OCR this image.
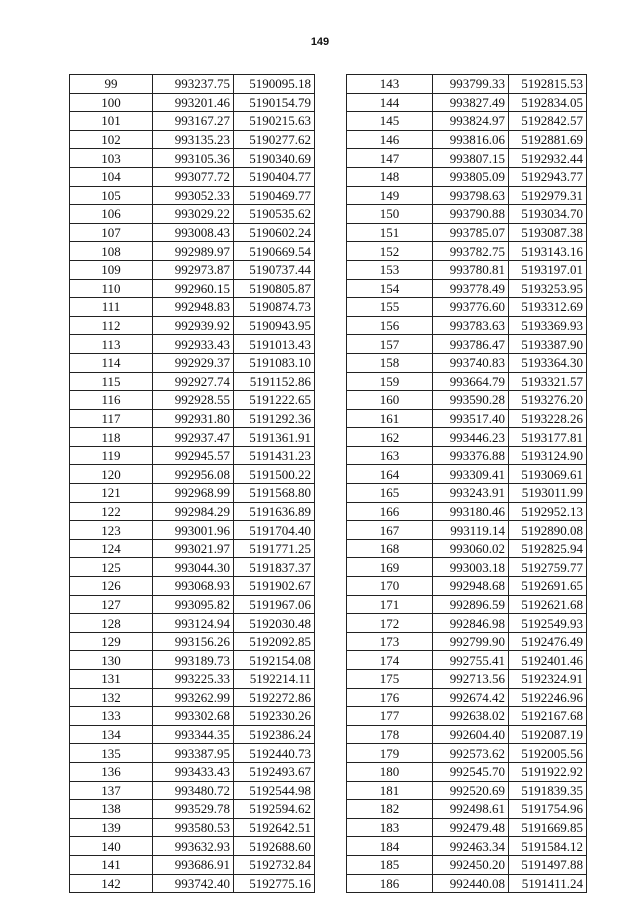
149
99	993237.75	5190095.18
100	993201.46	5190154.79
101	993167.27	5190215.63
102	993135.23	5190277.62
103	993105.36	5190340.69
104	993077.72	5190404.77
105	993052.33	5190469.77
106	993029.22	5190535.62
107	993008.43	5190602.24
108	992989.97	5190669.54
109	992973.87	5190737.44
110	992960.15	5190805.87
111	992948.83	5190874.73
112	992939.92	5190943.95
113	992933.43	5191013.43
114	992929.37	5191083.10
115	992927.74	5191152.86
116	992928.55	5191222.65
117	992931.80	5191292.36
118	992937.47	5191361.91
119	992945.57	5191431.23
120	992956.08	5191500.22
121	992968.99	5191568.80
122	992984.29	5191636.89
123	993001.96	5191704.40
124	993021.97	5191771.25
125	993044.30	5191837.37
126	993068.93	5191902.67
127	993095.82	5191967.06
128	993124.94	5192030.48
129	993156.26	5192092.85
130	993189.73	5192154.08
131	993225.33	5192214.11
132	993262.99	5192272.86
133	993302.68	5192330.26
134	993344.35	5192386.24
135	993387.95	5192440.73
136	993433.43	5192493.67
137	993480.72	5192544.98
138	993529.78	5192594.62
139	993580.53	5192642.51
140	993632.93	5192688.60
141	993686.91	5192732.84
142	993742.40	5192775.16
143	993799.33	5192815.53
144	993827.49	5192834.05
145	993824.97	5192842.57
146	993816.06	5192881.69
147	993807.15	5192932.44
148	993805.09	5192943.77
149	993798.63	5192979.31
150	993790.88	5193034.70
151	993785.07	5193087.38
152	993782.75	5193143.16
153	993780.81	5193197.01
154	993778.49	5193253.95
155	993776.60	5193312.69
156	993783.63	5193369.93
157	993786.47	5193387.90
158	993740.83	5193364.30
159	993664.79	5193321.57
160	993590.28	5193276.20
161	993517.40	5193228.26
162	993446.23	5193177.81
163	993376.88	5193124.90
164	993309.41	5193069.61
165	993243.91	5193011.99
166	993180.46	5192952.13
167	993119.14	5192890.08
168	993060.02	5192825.94
169	993003.18	5192759.77
170	992948.68	5192691.65
171	992896.59	5192621.68
172	992846.98	5192549.93
173	992799.90	5192476.49
174	992755.41	5192401.46
175	992713.56	5192324.91
176	992674.42	5192246.96
177	992638.02	5192167.68
178	992604.40	5192087.19
179	992573.62	5192005.56
180	992545.70	5191922.92
181	992520.69	5191839.35
182	992498.61	5191754.96
183	992479.48	5191669.85
184	992463.34	5191584.12
185	992450.20	5191497.88
186	992440.08	5191411.24
